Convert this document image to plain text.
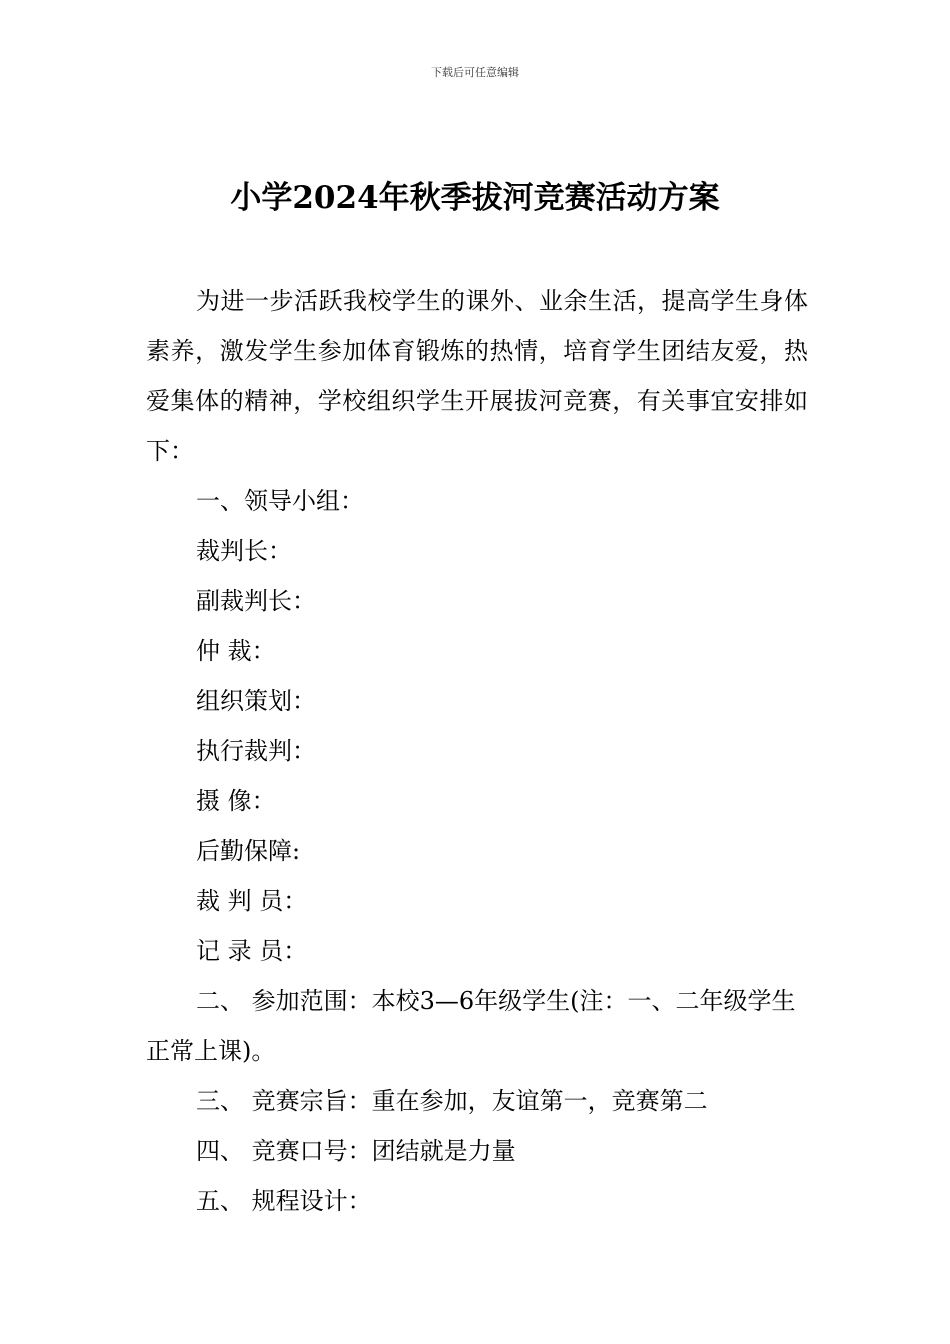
下载后可任意编辑
小学2024年秋季拔河竞赛活动方案

为进一步活跃我校学生的课外、业余生活，提高学生身体素养，激发学生参加体育锻炼的热情，培育学生团结友爱，热爱集体的精神，学校组织学生开展拔河竞赛，有关事宜安排如下：

一、领导小组：

裁判长：

副裁判长：

仲 裁：

组织策划：

执行裁判：

摄 像：

后勤保障:

裁 判 员：

记 录 员：

二、 参加范围：本校3—6年级学生(注：一、二年级学生正常上课)。

三、 竞赛宗旨：重在参加，友谊第一，竞赛第二

四、 竞赛口号：团结就是力量

五、 规程设计：
